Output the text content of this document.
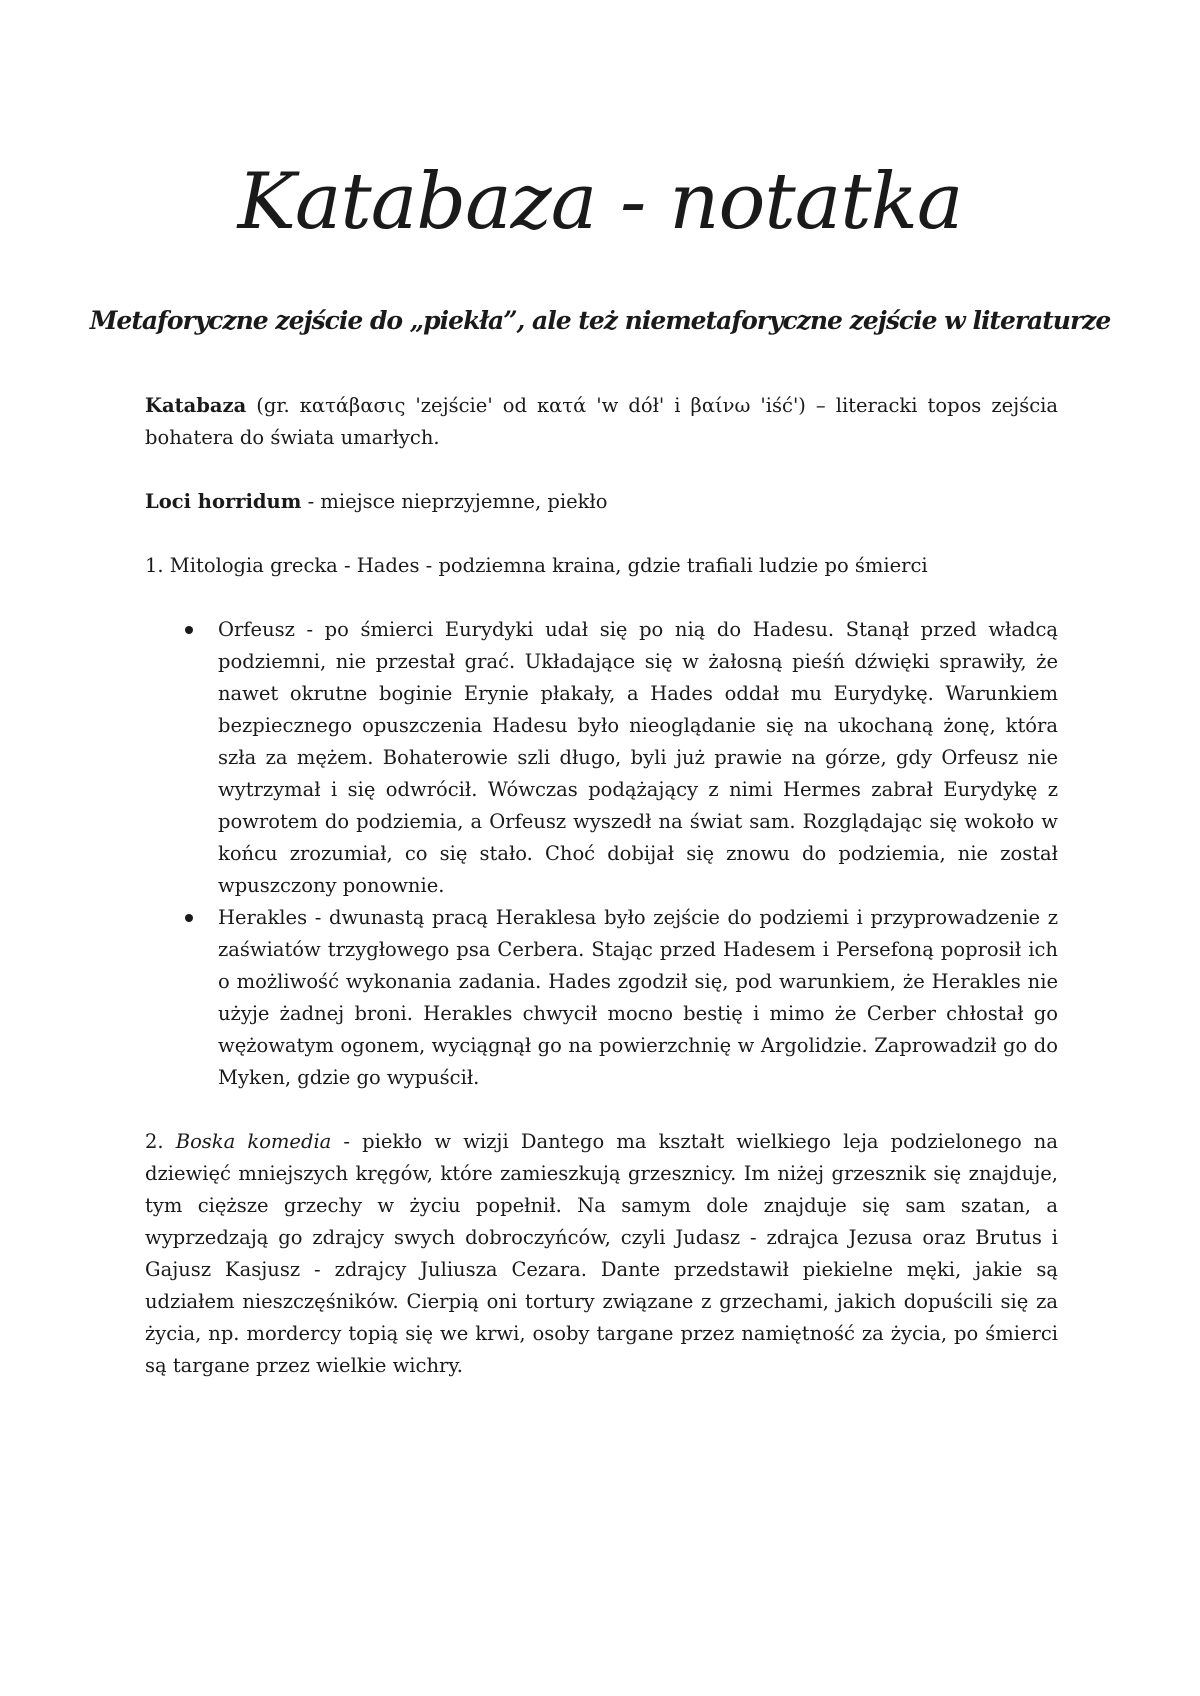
Katabaza - notatka
Metaforyczne zejście do „piekła”, ale też niemetaforyczne zejście w literaturze

Katabaza (gr. κατάβασις 'zejście' od κατά 'w dół' i βαίνω 'iść') – literacki topos zejścia bohatera do świata umarłych.

Loci horridum - miejsce nieprzyjemne, piekło

1. Mitologia grecka - Hades - podziemna kraina, gdzie trafiali ludzie po śmierci

Orfeusz - po śmierci Eurydyki udał się po nią do Hadesu. Stanął przed władcą podziemni, nie przestał grać. Układające się w żałosną pieśń dźwięki sprawiły, że nawet okrutne boginie Erynie płakały, a Hades oddał mu Eurydykę. Warunkiem bezpiecznego opuszczenia Hadesu było nieoglądanie się na ukochaną żonę, która szła za mężem. Bohaterowie szli długo, byli już prawie na górze, gdy Orfeusz nie wytrzymał i się odwrócił. Wówczas podążający z nimi Hermes zabrał Eurydykę z powrotem do podziemia, a Orfeusz wyszedł na świat sam. Rozglądając się wokoło w końcu zrozumiał, co się stało. Choć dobijał się znowu do podziemia, nie został wpuszczony ponownie.
Herakles - dwunastą pracą Heraklesa było zejście do podziemi i przyprowadzenie z zaświatów trzygłowego psa Cerbera. Stając przed Hadesem i Persefoną poprosił ich o możliwość wykonania zadania. Hades zgodził się, pod warunkiem, że Herakles nie użyje żadnej broni. Herakles chwycił mocno bestię i mimo że Cerber chłostał go wężowatym ogonem, wyciągnął go na powierzchnię w Argolidzie. Zaprowadził go do Myken, gdzie go wypuścił.

2. Boska komedia - piekło w wizji Dantego ma kształt wielkiego leja podzielonego na dziewięć mniejszych kręgów, które zamieszkują grzesznicy. Im niżej grzesznik się znajduje, tym cięższe grzechy w życiu popełnił. Na samym dole znajduje się sam szatan, a wyprzedzają go zdrajcy swych dobroczyńców, czyli Judasz - zdrajca Jezusa oraz Brutus i Gajusz Kasjusz - zdrajcy Juliusza Cezara. Dante przedstawił piekielne męki, jakie są udziałem nieszczęśników. Cierpią oni tortury związane z grzechami, jakich dopuścili się za życia, np. mordercy topią się we krwi, osoby targane przez namiętność za życia, po śmierci są targane przez wielkie wichry.
